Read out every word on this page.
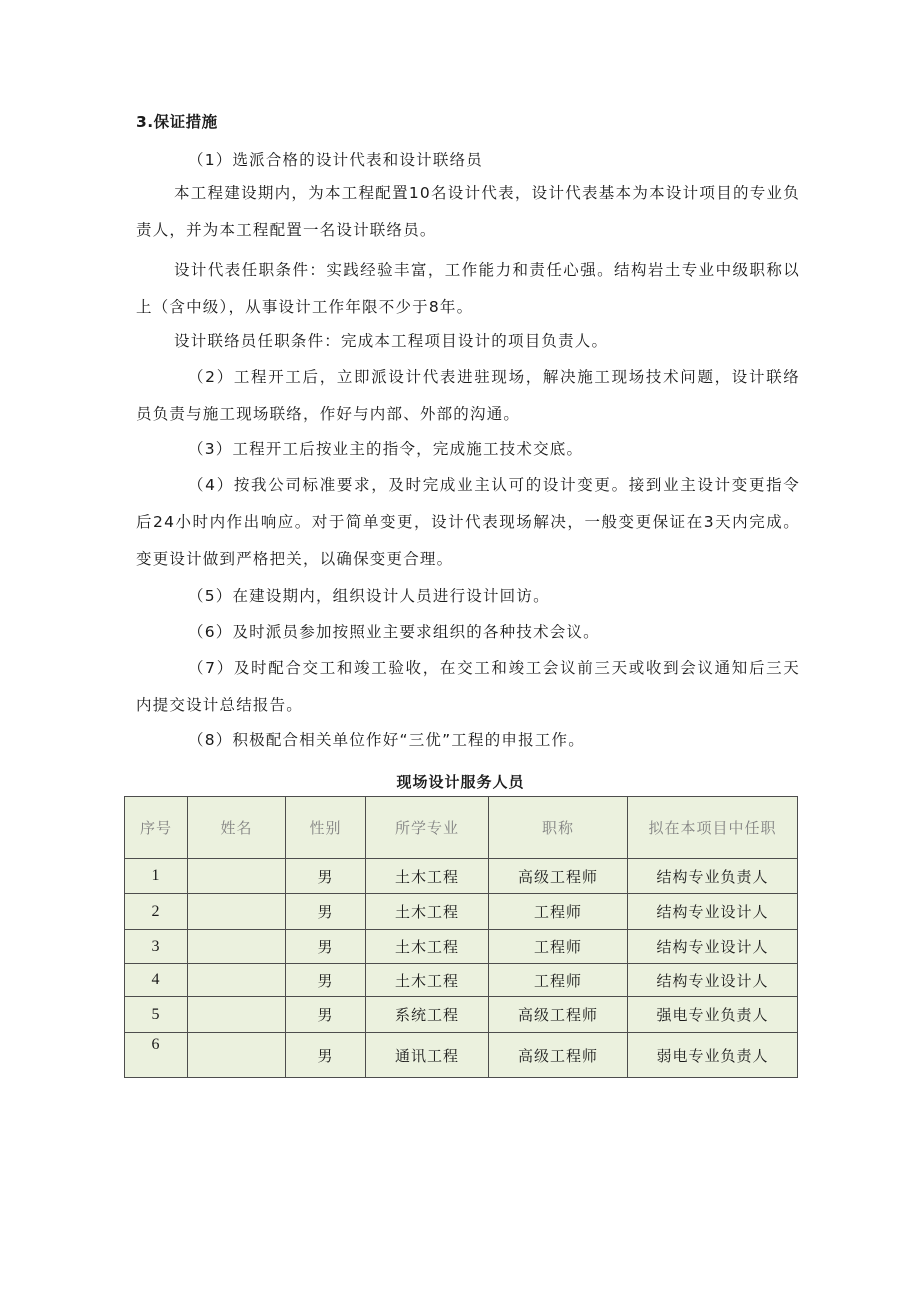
3.保证措施

（1）选派合格的设计代表和设计联络员

本工程建设期内，为本工程配置10名设计代表，设计代表基本为本设计项目的专业负责人，并为本工程配置一名设计联络员。

设计代表任职条件：实践经验丰富，工作能力和责任心强。结构岩土专业中级职称以上（含中级），从事设计工作年限不少于8年。

设计联络员任职条件：完成本工程项目设计的项目负责人。

（2）工程开工后，立即派设计代表进驻现场，解决施工现场技术问题，设计联络员负责与施工现场联络，作好与内部、外部的沟通。

（3）工程开工后按业主的指令，完成施工技术交底。

（4）按我公司标准要求，及时完成业主认可的设计变更。接到业主设计变更指令后24小时内作出响应。对于简单变更，设计代表现场解决，一般变更保证在3天内完成。变更设计做到严格把关，以确保变更合理。

（5）在建设期内，组织设计人员进行设计回访。

（6）及时派员参加按照业主要求组织的各种技术会议。

（7）及时配合交工和竣工验收，在交工和竣工会议前三天或收到会议通知后三天内提交设计总结报告。

（8）积极配合相关单位作好“三优”工程的申报工作。

现场设计服务人员

序号	姓名	性别	所学专业	职称	拟在本项目中任职
1		男	土木工程	高级工程师	结构专业负责人
2		男	土木工程	工程师	结构专业设计人
3		男	土木工程	工程师	结构专业设计人
4		男	土木工程	工程师	结构专业设计人
5		男	系统工程	高级工程师	强电专业负责人
6		男	通讯工程	高级工程师	弱电专业负责人
